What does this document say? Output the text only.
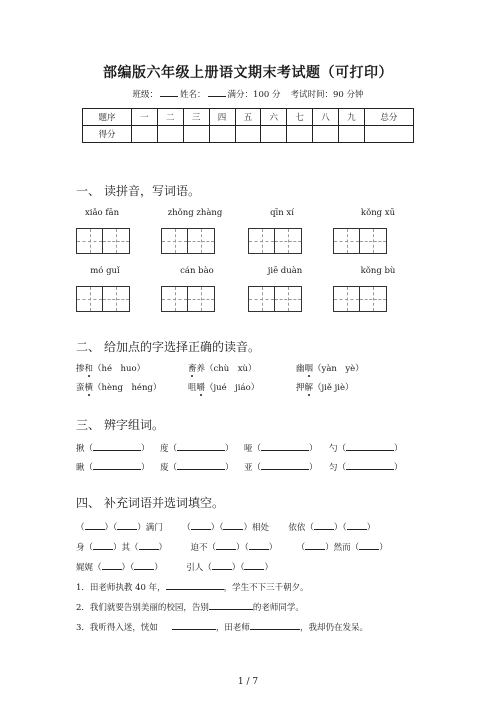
部编版六年级上册语文期末考试题（可打印）
班级：	姓名：	满分：100 分 考试时间：90 分钟
题序	一	二	三	四	五	六	七	八	九	总分
得分										
一、 读拼音，写词语。
xiǎo fān	zhǒng zhàng	qīn xí	kǒng xū
mó guǐ	cán bào	jiē duàn	kǒng bù
二、 给加点的字选择正确的读音。
掺和（hé　huo）	畜养（chù　xù）	幽咽（yàn　yè）
蛮横（hèng　héng）	咀嚼（jué　jiáo）	押解（jiě jiè）
三、 辨字组词。
揪（	） 度（	） 哑（	） 勺（	）
瞅（	） 废（	） 亚（	） 匀（	）
四、 补充词语并选词填空。
（ ）（ ）满门 （ ）（ ）相处 依依（ ）（ ）
身（ ）其（ ）	迫不（ ）（ ） （ ）然而（ ）
娓娓（ ）（ ）	引人（ ）（ ）
1．田老师执教 40 年，	，学生不下三千朝夕。
2．我们就要告别美丽的校园，告别	的老师同学。
3．我听得入迷，恍如	，田老师	，我却仍在发呆。
1 / 7
